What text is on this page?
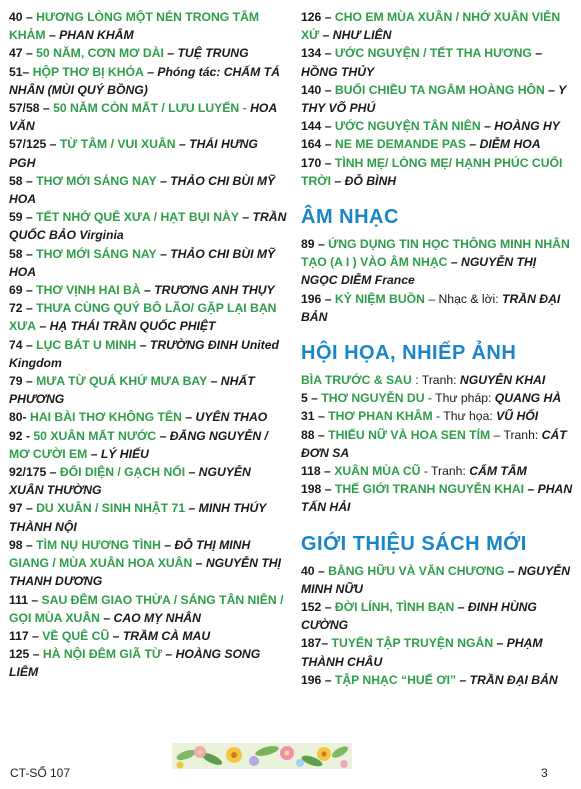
40 – HƯƠNG LÒNG MỘT NÉN TRONG TÂM KHẢM – PHAN KHÂM

47 – 50 NĂM, CƠN MƠ DÀI – TUỆ TRUNG

51– HỘP THƠ BỊ KHÓA – Phóng tác: CHẤM TÁ NHÂN (MÙI QUÝ BỒNG)

57/58 – 50 NĂM CÒN MẤT / LƯU LUYẾN - HOA VĂN

57/125 – TỪ TÂM / VUI XUÂN – THÁI HƯNG PGH

58 – THƠ MỚI SÁNG NAY – THẢO CHI BÙI MỸ HOA

59 – TẾT NHỚ QUÊ XƯA / HẠT BỤI NÀY – TRẦN QUỐC BẢO Virginia

58 – THƠ MỚI SÁNG NAY – THẢO CHI BÙI MỸ HOA

69 – THƠ VỊNH HAI BÀ – TRƯƠNG ANH THỤY

72 – THƯA CÙNG QUÝ BÔ LÃO/ GẶP LẠI BẠN XƯA – HẠ THÁI TRẦN QUỐC PHIỆT

74 – LỤC BÁT U MINH – TRƯỜNG ĐINH United Kingdom

79 – MƯA TỪ QUÁ KHỨ MƯA BAY – NHẤT PHƯƠNG

80- HAI BÀI THƠ KHÔNG TÊN – UYÊN THAO

92 - 50 XUÂN MẤT NƯỚC – ĐĂNG NGUYỄN /

MƠ CƯỜI EM – LÝ HIẾU

92/175 – ĐỐI DIỆN / GẠCH NỐI – NGUYỄN XUÂN THƯỜNG

97 – DU XUÂN / SINH NHẬT 71 – MINH THÚY THÀNH NỘI

98 – TÌM NỤ HƯƠNG TÌNH – ĐỖ THỊ MINH

GIANG / MÙA XUÂN HOA XUÂN – NGUYỄN THỊ THANH DƯƠNG

111 – SAU ĐÊM GIAO THỪA / SÁNG TÂN NIÊN / GỌI MÙA XUÂN – CAO MỴ NHÂN

117 – VỀ QUÊ CŨ – TRẦM CÀ MAU

125 – HÀ NỘI ĐÊM GIÃ TỪ – HOÀNG SONG LIÊM

126 – CHO EM MÙA XUÂN / NHỚ XUÂN VIỄN XỨ – NHƯ LIÊN

134 – ƯỚC NGUYỆN / TẾT THA HƯƠNG – HỒNG THỦY

140 – BUỔI CHIỀU TA NGẮM HOÀNG HÔN – Y THY VÕ PHÚ

144 – ƯỚC NGUYỆN TÂN NIÊN – HOÀNG HY

164 – NE ME DEMANDE PAS – DIỄM HOA

170 – TÌNH MẸ/ LÒNG MẸ/ HẠNH PHÚC CUỐI TRỜI – ĐỖ BÌNH

ÂM NHẠC

89 – ỨNG DỤNG TIN HỌC THÔNG MINH NHÂN TẠO (A I ) VÀO ÂM NHẠC – NGUYỄN THỊ NGỌC DIỄM France

196 – KỶ NIỆM BUỒN – Nhạc & lời: TRẦN ĐẠI BẢN

HỘI HỌA, NHIẾP ẢNH

BÌA TRƯỚC & SAU : Tranh: NGUYỄN KHAI

5 – THƠ NGUYỄN DU - Thư pháp: QUANG HÀ

31 – THƠ PHAN KHÂM - Thư họa: VŨ HỐI

88 – THIẾU NỮ VÀ HOA SEN TÍM – Tranh: CÁT ĐƠN SA

118 – XUÂN MÙA CŨ - Tranh: CẨM TÂM

198 – THẾ GIỚI TRANH NGUYỄN KHAI – PHAN TẤN HẢI

GIỚI THIỆU SÁCH MỚI

40 – BẰNG HỮU VÀ VĂN CHƯƠNG – NGUYỄN MINH NỮU

152 – ĐỜI LÍNH, TÌNH BẠN – ĐINH HÙNG CƯỜNG

187– TUYỂN TẬP TRUYỆN NGẮN – PHẠM THÀNH CHÂU

196 – TẬP NHẠC “HUẾ ƠI” – TRẦN ĐẠI BẢN

CT-SỐ 107	3
